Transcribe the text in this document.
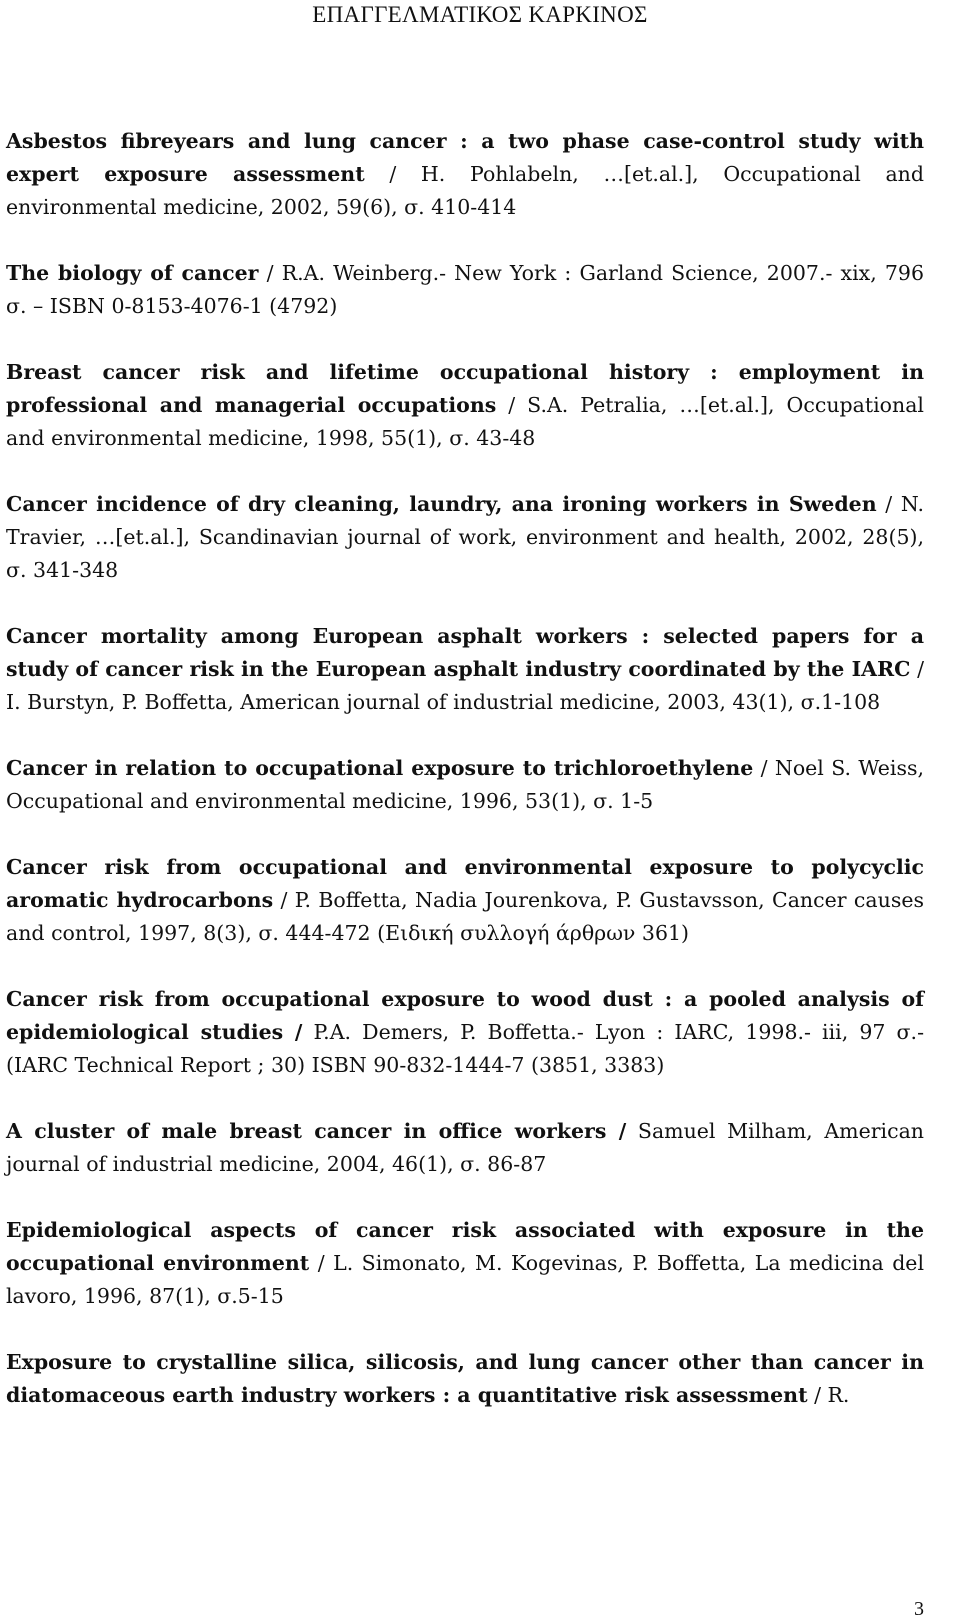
ΕΠΑΓΓΕΛΜΑΤΙΚΟΣ ΚΑΡΚΙΝΟΣ

Asbestos fibreyears and lung cancer : a two phase case-control study with expert exposure assessment / H. Pohlabeln, …[et.al.], Occupational and environmental medicine, 2002, 59(6), σ. 410-414

The biology of cancer / R.A. Weinberg.- New York : Garland Science, 2007.- xix, 796 σ. – ISBN 0-8153-4076-1 (4792)

Breast cancer risk and lifetime occupational history : employment in professional and managerial occupations / S.A. Petralia, …[et.al.], Occupational and environmental medicine, 1998, 55(1), σ. 43-48

Cancer incidence of dry cleaning, laundry, ana ironing workers in Sweden / N. Travier, …[et.al.], Scandinavian journal of work, environment and health, 2002, 28(5), σ. 341-348

Cancer mortality among European asphalt workers : selected papers for a study of cancer risk in the European asphalt industry coordinated by the IARC / I. Burstyn, P. Boffetta, American journal of industrial medicine, 2003, 43(1), σ.1-108

Cancer in relation to occupational exposure to trichloroethylene / Noel S. Weiss, Occupational and environmental medicine, 1996, 53(1), σ. 1-5

Cancer risk from occupational and environmental exposure to polycyclic aromatic hydrocarbons / P. Boffetta, Nadia Jourenkova, P. Gustavsson, Cancer causes and control, 1997, 8(3), σ. 444-472 (Ειδική συλλογή άρθρων 361)

Cancer risk from occupational exposure to wood dust : a pooled analysis of epidemiological studies / P.A. Demers, P. Boffetta.- Lyon : IARC, 1998.- iii, 97 σ.- (IARC Technical Report ; 30) ISBN 90-832-1444-7 (3851, 3383)

A cluster of male breast cancer in office workers / Samuel Milham, American journal of industrial medicine, 2004, 46(1), σ. 86-87

Epidemiological aspects of cancer risk associated with exposure in the occupational environment / L. Simonato, M. Kogevinas, P. Boffetta, La medicina del lavoro, 1996, 87(1), σ.5-15

Exposure to crystalline silica, silicosis, and lung cancer other than cancer in diatomaceous earth industry workers : a quantitative risk assessment / R.

3
